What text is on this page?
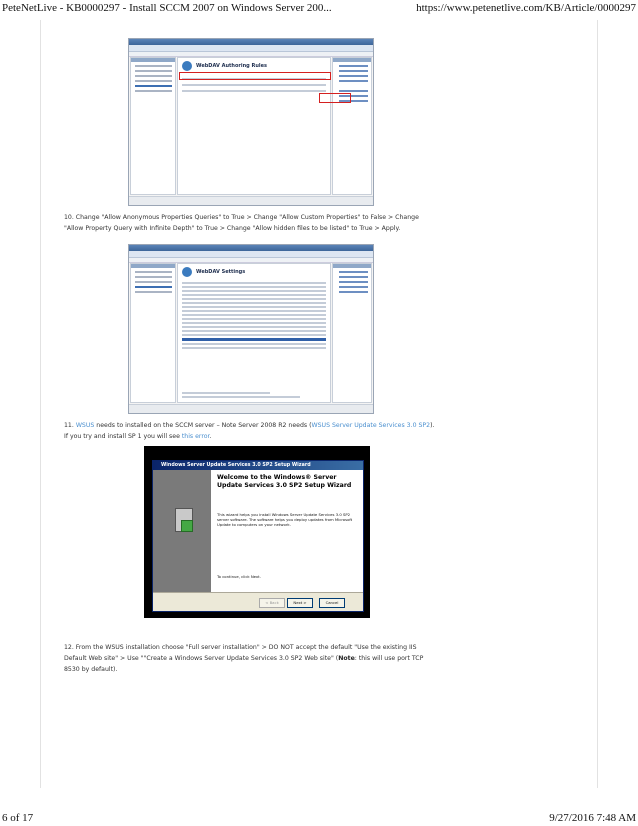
PeteNetLive - KB0000297 - Install SCCM 2007 on Windows Server 200...	https://www.petenetlive.com/KB/Article/0000297
WebDAV Authoring Rules
10. Change "Allow Anonymous Properties Queries" to True > Change "Allow Custom Properties" to False > Change "Allow Property Query with Infinite Depth" to True > Change "Allow hidden files to be listed" to True > Apply.
WebDAV Settings
11. WSUS needs to installed on the SCCM server – Note Server 2008 R2 needs (WSUS Server Update Services 3.0 SP2). If you try and install SP 1 you will see this error.
Windows Server Update Services 3.0 SP2 Setup Wizard
Welcome to the Windows® Server Update Services 3.0 SP2 Setup Wizard
This wizard helps you install Windows Server Update Services 3.0 SP2 server software. The software helps you deploy updates from Microsoft Update to computers on your network.
To continue, click Next.
< Back	Next >	Cancel
12. From the WSUS installation choose "Full server installation" > DO NOT accept the default "Use the existing IIS Default Web site" > Use ""Create a Windows Server Update Services 3.0 SP2 Web site" (Note: this will use port TCP 8530 by default).
6 of 17	9/27/2016 7:48 AM
